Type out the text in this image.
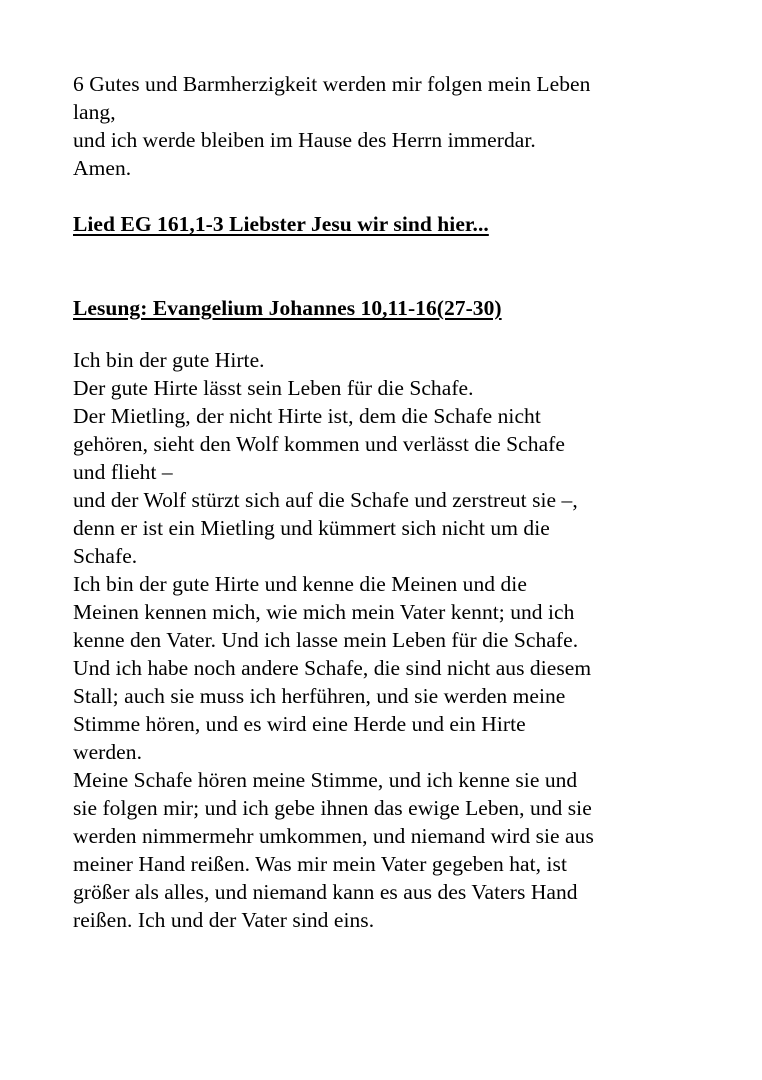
6 Gutes und Barmherzigkeit werden mir folgen mein Leben
lang,
und ich werde bleiben im Hause des Herrn immerdar.
Amen.
Lied EG 161,1-3 Liebster Jesu wir sind hier...
Lesung: Evangelium Johannes 10,11-16(27-30)
Ich bin der gute Hirte.
Der gute Hirte lässt sein Leben für die Schafe.
Der Mietling, der nicht Hirte ist, dem die Schafe nicht
gehören, sieht den Wolf kommen und verlässt die Schafe
und flieht –
und der Wolf stürzt sich auf die Schafe und zerstreut sie –,
denn er ist ein Mietling und kümmert sich nicht um die
Schafe.
Ich bin der gute Hirte und kenne die Meinen und die
Meinen kennen mich, wie mich mein Vater kennt; und ich
kenne den Vater. Und ich lasse mein Leben für die Schafe.
Und ich habe noch andere Schafe, die sind nicht aus diesem
Stall; auch sie muss ich herführen, und sie werden meine
Stimme hören, und es wird eine Herde und ein Hirte
werden.
Meine Schafe hören meine Stimme, und ich kenne sie und
sie folgen mir; und ich gebe ihnen das ewige Leben, und sie
werden nimmermehr umkommen, und niemand wird sie aus
meiner Hand reißen. Was mir mein Vater gegeben hat, ist
größer als alles, und niemand kann es aus des Vaters Hand
reißen. Ich und der Vater sind eins.
